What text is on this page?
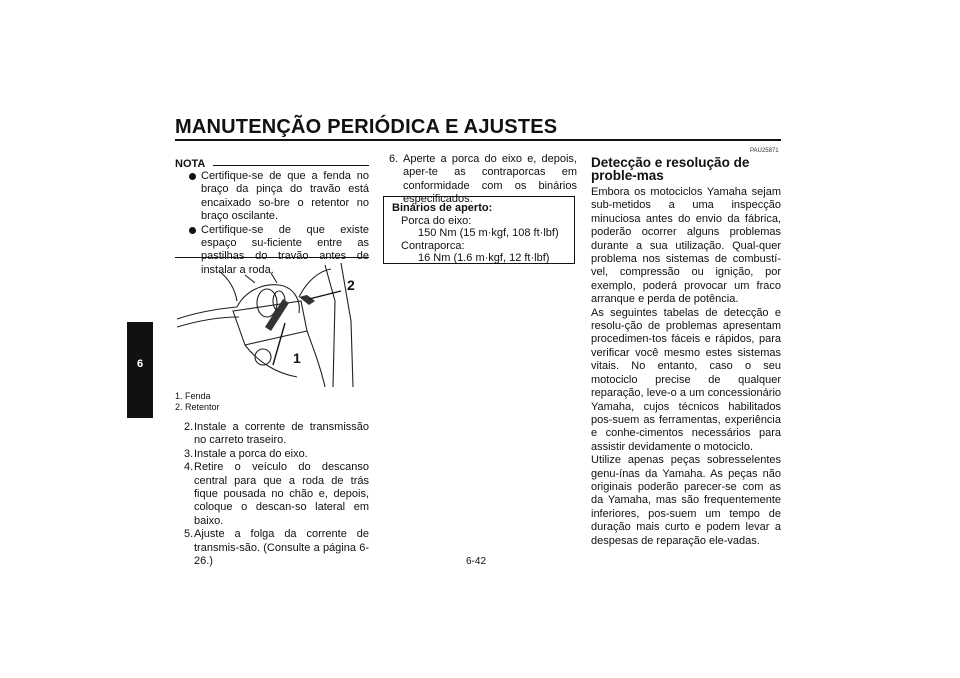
MANUTENÇÃO PERIÓDICA E AJUSTES
6
NOTA
Certifique-se de que a fenda no braço da pinça do travão está encaixado so-bre o retentor no braço oscilante.
Certifique-se de que existe espaço su-ficiente entre as instalar a roda.
1
2
1. Fenda
2. Retentor
2. Instale a corrente de transmissão no carreto traseiro.
3. Instale a porca do eixo.
4. Retire o veículo do descanso central para que a roda de trás fique pousada no chão e, depois, coloque o descan-so lateral em baixo.
5. Ajuste a folga da corrente de transmis-são. (Consulte a página 6-26.)
6. Aperte a porca do eixo e, depois, aper-te as contraporcas em conformidade com os binários especificados.
Binários de aperto:
Porca do eixo:
150 Nm (15 m·kgf, 108 ft·lbf)
Contraporca:
16 Nm (1.6 m·kgf, 12 ft·lbf)
PAU25871
Detecção e resolução de proble-mas

Embora os motociclos Yamaha sejam sub-metidos a uma inspecção minuciosa antes do envio da fábrica, poderão ocorrer alguns problemas durante a sua utilização. Qual-quer problema nos sistemas de combustí-vel, compressão ou ignição, por exemplo, poderá provocar um fraco arranque e perda de potência.

As seguintes tabelas de detecção e resolu-ção de problemas apresentam procedimen-tos fáceis e rápidos, para verificar você mesmo estes sistemas vitais. No entanto, caso o seu motociclo precise de qualquer reparação, leve-o a um concessionário Yamaha, cujos técnicos habilitados pos-suem as ferramentas, experiência e conhe-cimentos necessários para assistir devidamente o motociclo.

Utilize apenas peças sobresselentes genu-ínas da Yamaha. As peças não originais poderão parecer-se com as da Yamaha, mas são frequentemente inferiores, pos-suem um tempo de duração mais curto e podem levar a despesas de reparação ele-vadas.

6-42
